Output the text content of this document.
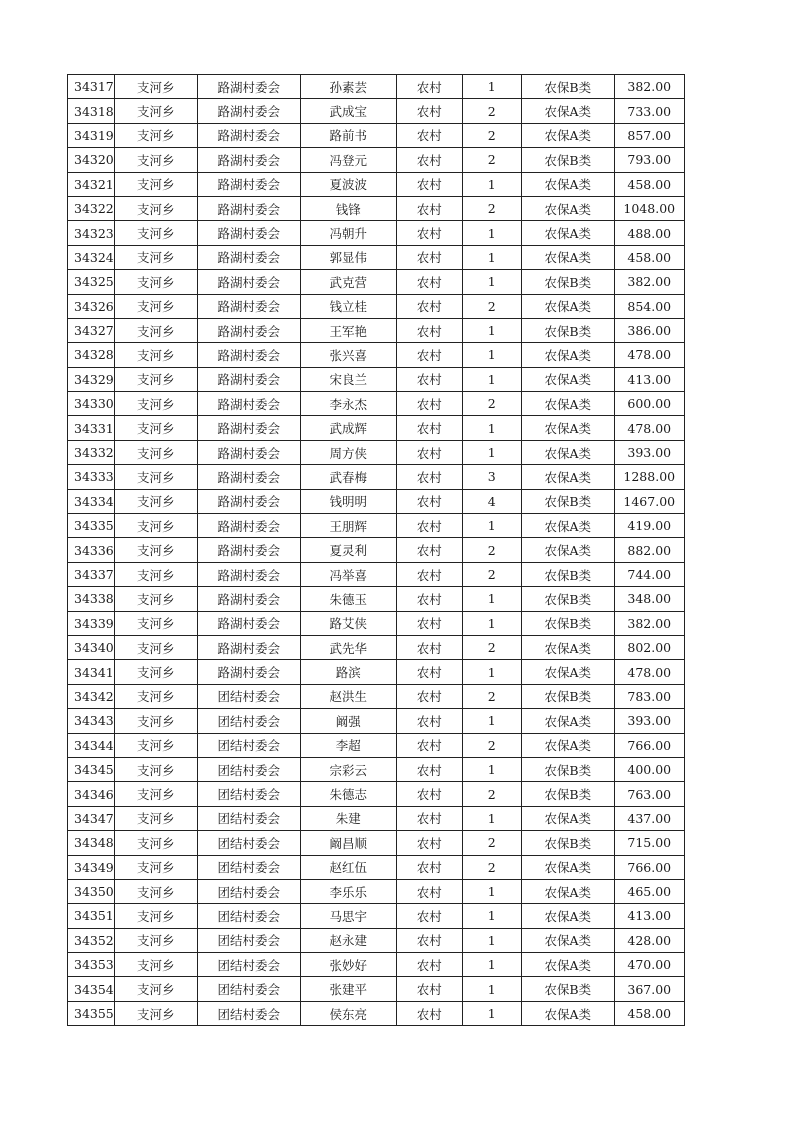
34317	支河乡	路湖村委会	孙素芸	农村	1	农保B类	382.00
34318	支河乡	路湖村委会	武成宝	农村	2	农保A类	733.00
34319	支河乡	路湖村委会	路前书	农村	2	农保A类	857.00
34320	支河乡	路湖村委会	冯登元	农村	2	农保B类	793.00
34321	支河乡	路湖村委会	夏波波	农村	1	农保A类	458.00
34322	支河乡	路湖村委会	钱锋	农村	2	农保A类	1048.00
34323	支河乡	路湖村委会	冯朝升	农村	1	农保A类	488.00
34324	支河乡	路湖村委会	郭显伟	农村	1	农保A类	458.00
34325	支河乡	路湖村委会	武克营	农村	1	农保B类	382.00
34326	支河乡	路湖村委会	钱立桂	农村	2	农保A类	854.00
34327	支河乡	路湖村委会	王军艳	农村	1	农保B类	386.00
34328	支河乡	路湖村委会	张兴喜	农村	1	农保A类	478.00
34329	支河乡	路湖村委会	宋良兰	农村	1	农保A类	413.00
34330	支河乡	路湖村委会	李永杰	农村	2	农保A类	600.00
34331	支河乡	路湖村委会	武成辉	农村	1	农保A类	478.00
34332	支河乡	路湖村委会	周方侠	农村	1	农保A类	393.00
34333	支河乡	路湖村委会	武春梅	农村	3	农保A类	1288.00
34334	支河乡	路湖村委会	钱明明	农村	4	农保B类	1467.00
34335	支河乡	路湖村委会	王朋辉	农村	1	农保A类	419.00
34336	支河乡	路湖村委会	夏灵利	农村	2	农保A类	882.00
34337	支河乡	路湖村委会	冯举喜	农村	2	农保B类	744.00
34338	支河乡	路湖村委会	朱德玉	农村	1	农保B类	348.00
34339	支河乡	路湖村委会	路艾侠	农村	1	农保B类	382.00
34340	支河乡	路湖村委会	武先华	农村	2	农保A类	802.00
34341	支河乡	路湖村委会	路滨	农村	1	农保A类	478.00
34342	支河乡	团结村委会	赵洪生	农村	2	农保B类	783.00
34343	支河乡	团结村委会	阚强	农村	1	农保A类	393.00
34344	支河乡	团结村委会	李超	农村	2	农保A类	766.00
34345	支河乡	团结村委会	宗彩云	农村	1	农保B类	400.00
34346	支河乡	团结村委会	朱德志	农村	2	农保B类	763.00
34347	支河乡	团结村委会	朱建	农村	1	农保A类	437.00
34348	支河乡	团结村委会	阚昌顺	农村	2	农保B类	715.00
34349	支河乡	团结村委会	赵红伍	农村	2	农保A类	766.00
34350	支河乡	团结村委会	李乐乐	农村	1	农保A类	465.00
34351	支河乡	团结村委会	马思宇	农村	1	农保A类	413.00
34352	支河乡	团结村委会	赵永建	农村	1	农保A类	428.00
34353	支河乡	团结村委会	张妙好	农村	1	农保A类	470.00
34354	支河乡	团结村委会	张建平	农村	1	农保B类	367.00
34355	支河乡	团结村委会	侯东亮	农村	1	农保A类	458.00
